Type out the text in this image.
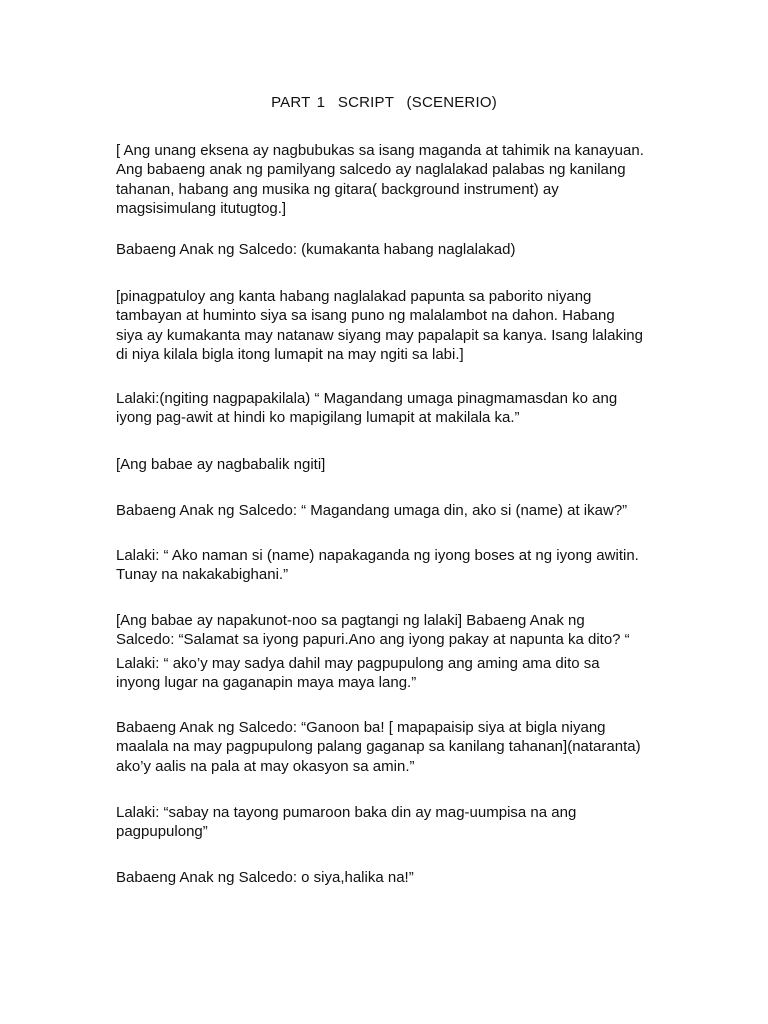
PART 1  SCRIPT  (SCENERIO)
[ Ang unang eksena ay nagbubukas sa isang maganda at tahimik na kanayuan.
Ang babaeng anak ng pamilyang salcedo ay naglalakad palabas ng kanilang
tahanan, habang ang musika ng gitara( background instrument) ay
magsisimulang itutugtog.]
Babaeng Anak ng Salcedo: (kumakanta habang naglalakad)
[pinagpatuloy ang kanta habang naglalakad papunta sa paborito niyang
tambayan at huminto siya sa isang puno ng malalambot na dahon. Habang
siya ay kumakanta may natanaw siyang may papalapit sa kanya. Isang lalaking
di niya kilala bigla itong lumapit na may ngiti sa labi.]
Lalaki:(ngiting nagpapakilala) “ Magandang umaga pinagmamasdan ko ang
iyong pag-awit at hindi ko mapigilang lumapit at makilala ka.”
[Ang babae ay nagbabalik ngiti]
Babaeng Anak ng Salcedo: “ Magandang umaga din, ako si (name) at ikaw?”
Lalaki: “ Ako naman si (name) napakaganda ng iyong boses at ng iyong awitin.
Tunay na nakakabighani.”
[Ang babae ay napakunot-noo sa pagtangi ng lalaki] Babaeng Anak ng
Salcedo: “Salamat sa iyong papuri.Ano ang iyong pakay at napunta ka dito? “
Lalaki: “ ako’y may sadya dahil may pagpupulong ang aming ama dito sa
inyong lugar na gaganapin maya maya lang.”
Babaeng Anak ng Salcedo: “Ganoon ba! [ mapapaisip siya at bigla niyang
maalala na may pagpupulong palang gaganap sa kanilang tahanan](nataranta)
ako’y aalis na pala at may okasyon sa amin.”
Lalaki: “sabay na tayong pumaroon baka din ay mag-uumpisa na ang
pagpupulong”
Babaeng Anak ng Salcedo: o siya,halika na!”
